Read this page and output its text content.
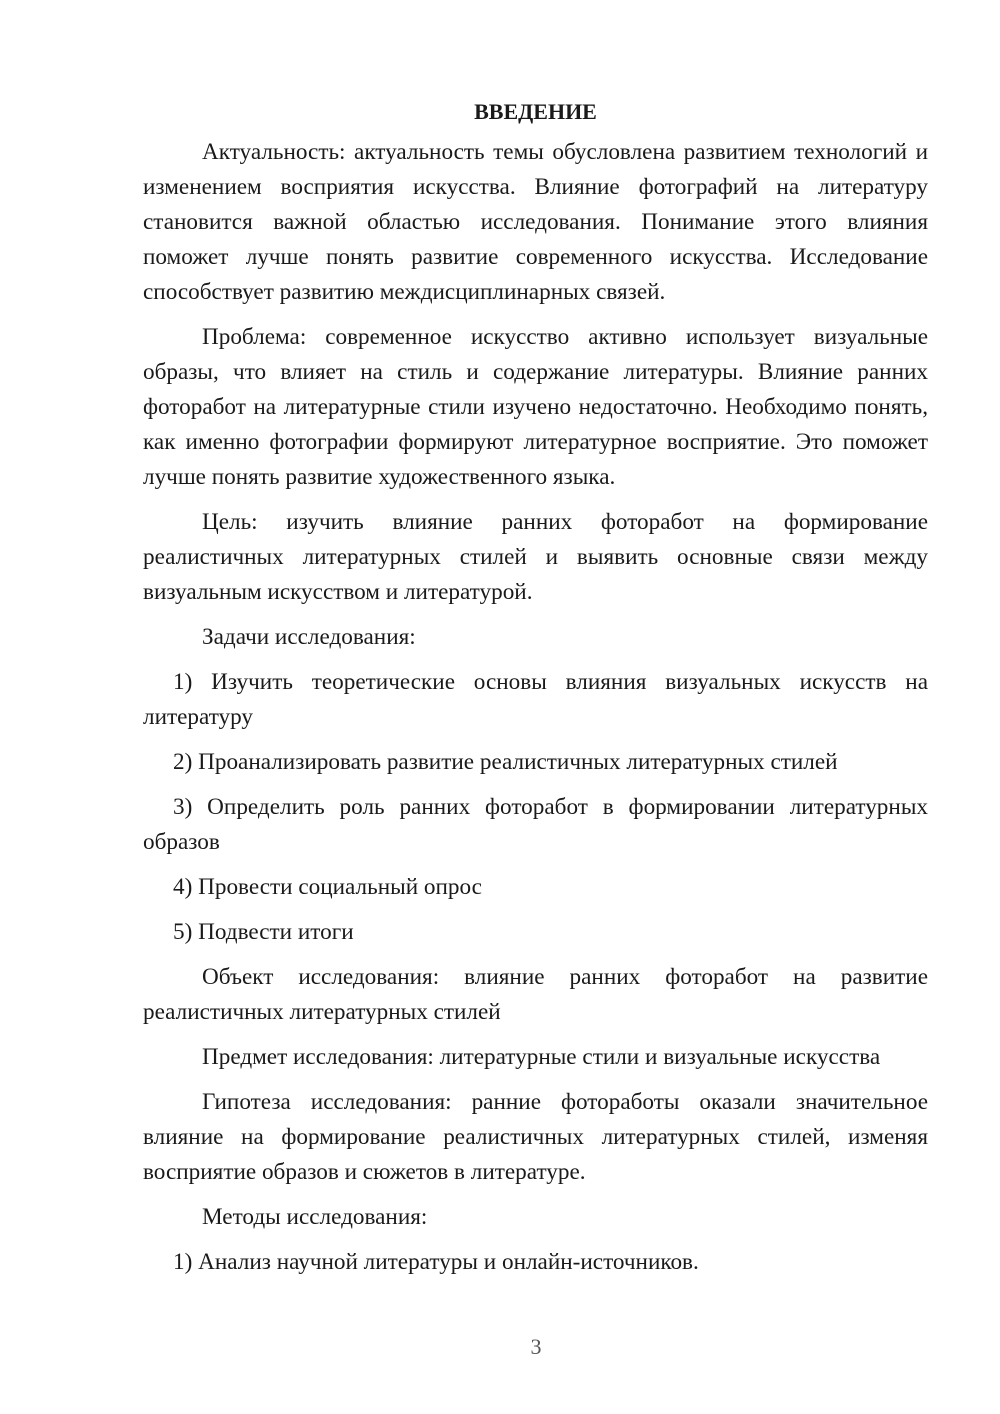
ВВЕДЕНИЕ

Актуальность: актуальность темы обусловлена развитием технологий и изменением восприятия искусства. Влияние фотографий на литературу становится важной областью исследования. Понимание этого влияния поможет лучше понять развитие современного искусства. Исследование способствует развитию междисциплинарных связей.

Проблема: современное искусство активно использует визуальные образы, что влияет на стиль и содержание литературы. Влияние ранних фоторабот на литературные стили изучено недостаточно. Необходимо понять, как именно фотографии формируют литературное восприятие. Это поможет лучше понять развитие художественного языка.

Цель: изучить влияние ранних фоторабот на формирование реалистичных литературных стилей и выявить основные связи между визуальным искусством и литературой.

Задачи исследования:

1) Изучить теоретические основы влияния визуальных искусств на литературу

2) Проанализировать развитие реалистичных литературных стилей

3) Определить роль ранних фоторабот в формировании литературных образов

4) Провести социальный опрос

5) Подвести итоги

Объект исследования: влияние ранних фоторабот на развитие реалистичных литературных стилей

Предмет исследования: литературные стили и визуальные искусства

Гипотеза исследования: ранние фоторабот​ы оказали значительное влияние на формирование реалистичных литературных стилей, изменяя восприятие образов и сюжетов в литературе.

Методы исследования:

1) Анализ научной литературы и онлайн-источников.

3
